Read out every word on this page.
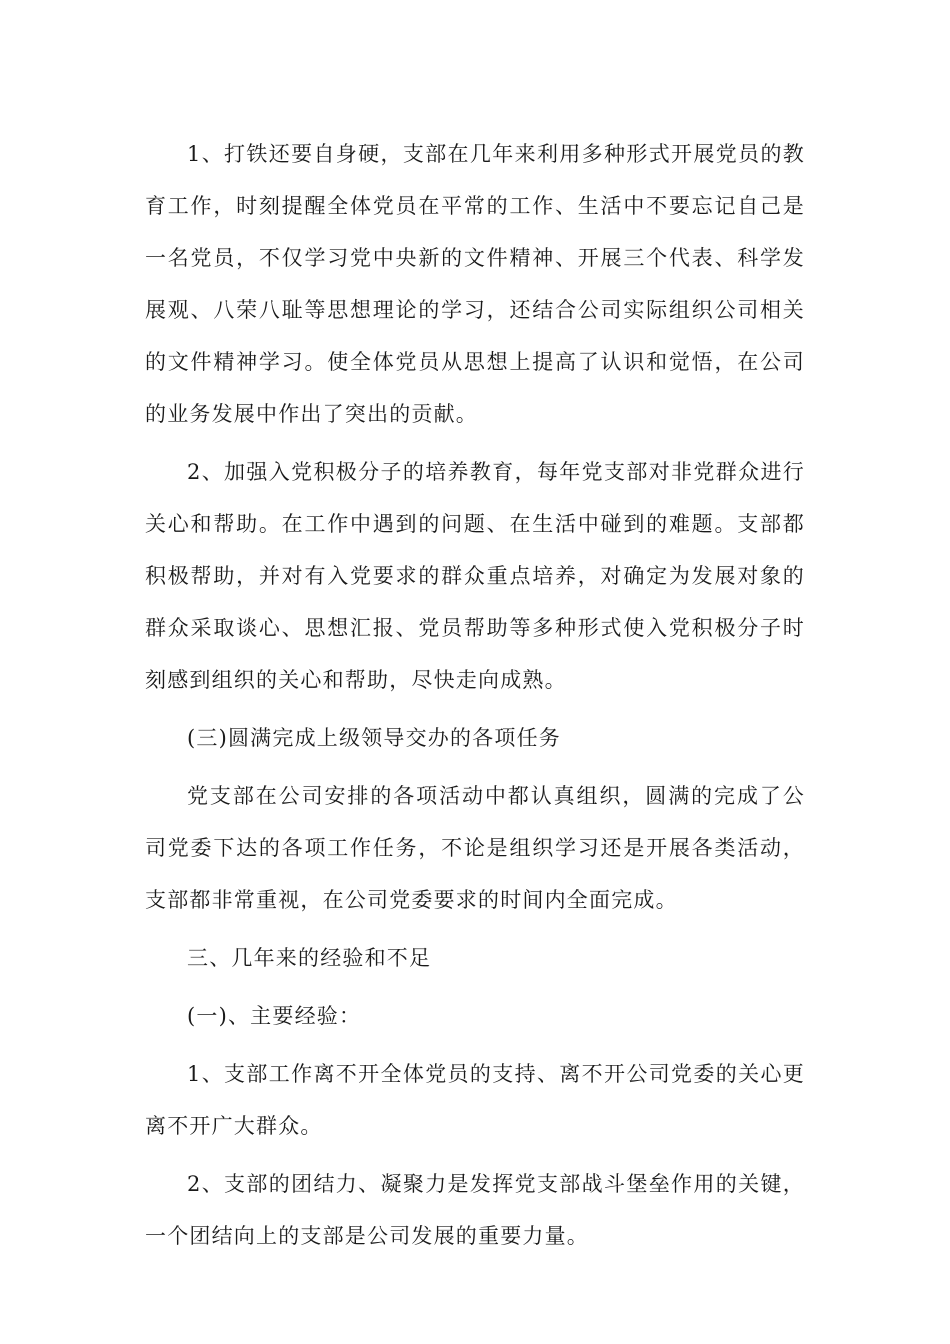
1、打铁还要自身硬，支部在几年来利用多种形式开展党员的教育工作，时刻提醒全体党员在平常的工作、生活中不要忘记自己是一名党员，不仅学习党中央新的文件精神、开展三个代表、科学发展观、八荣八耻等思想理论的学习，还结合公司实际组织公司相关的文件精神学习。使全体党员从思想上提高了认识和觉悟，在公司的业务发展中作出了突出的贡献。

2、加强入党积极分子的培养教育，每年党支部对非党群众进行关心和帮助。在工作中遇到的问题、在生活中碰到的难题。支部都积极帮助，并对有入党要求的群众重点培养，对确定为发展对象的群众采取谈心、思想汇报、党员帮助等多种形式使入党积极分子时刻感到组织的关心和帮助，尽快走向成熟。

(三)圆满完成上级领导交办的各项任务

党支部在公司安排的各项活动中都认真组织，圆满的完成了公司党委下达的各项工作任务，不论是组织学习还是开展各类活动，支部都非常重视，在公司党委要求的时间内全面完成。

三、几年来的经验和不足

(一)、主要经验：

1、支部工作离不开全体党员的支持、离不开公司党委的关心更离不开广大群众。

2、支部的团结力、凝聚力是发挥党支部战斗堡垒作用的关键，一个团结向上的支部是公司发展的重要力量。
